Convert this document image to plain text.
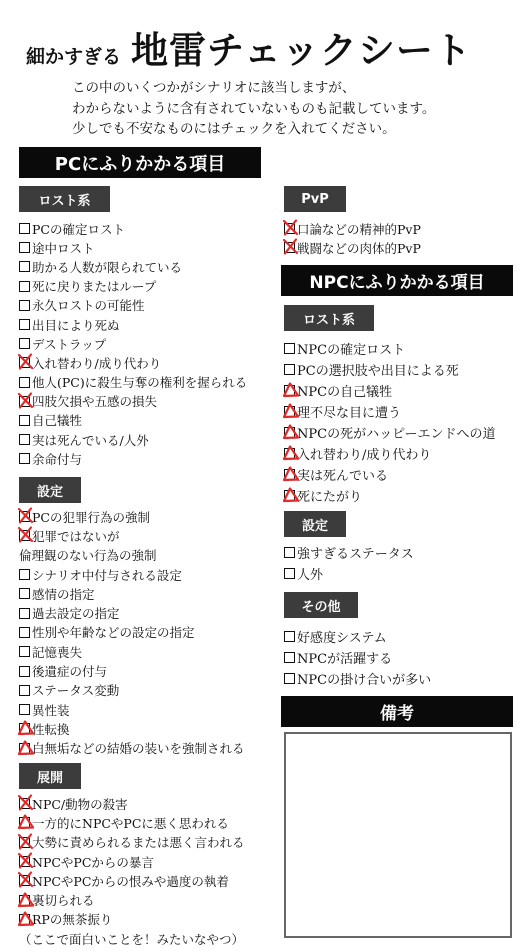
細かすぎる 地雷チェックシート
この中のいくつかがシナリオに該当しますが、
わからないように含有されていないものも記載しています。
少しでも不安なものにはチェックを入れてください。
PCにふりかかる項目
ロスト系
PCの確定ロスト
途中ロスト
助かる人数が限られている
死に戻りまたはループ
永久ロストの可能性
出目により死ぬ
デストラップ
入れ替わり/成り代わり
他人(PC)に殺生与奪の権利を握られる
四肢欠損や五感の損失
自己犠牲
実は死んでいる/人外
余命付与
設定
PCの犯罪行為の強制
犯罪ではないが
倫理観のない行為の強制
シナリオ中付与される設定
感情の指定
過去設定の指定
性別や年齢などの設定の指定
記憶喪失
後遺症の付与
ステータス変動
異性装
性転換
白無垢などの結婚の装いを強制される
展開
NPC/動物の殺害
一方的にNPCやPCに悪く思われる
大勢に責められるまたは悪く言われる
NPCやPCからの暴言
NPCやPCからの恨みや過度の執着
裏切られる
RPの無茶振り
（ここで面白いことを！みたいなやつ）
PvP
口論などの精神的PvP
戦闘などの肉体的PvP
NPCにふりかかる項目
ロスト系
NPCの確定ロスト
PCの選択肢や出目による死
NPCの自己犠牲
理不尽な目に遭う
NPCの死がハッピーエンドへの道
入れ替わり/成り代わり
実は死んでいる
死にたがり
設定
強すぎるステータス
人外
その他
好感度システム
NPCが活躍する
NPCの掛け合いが多い
備考
